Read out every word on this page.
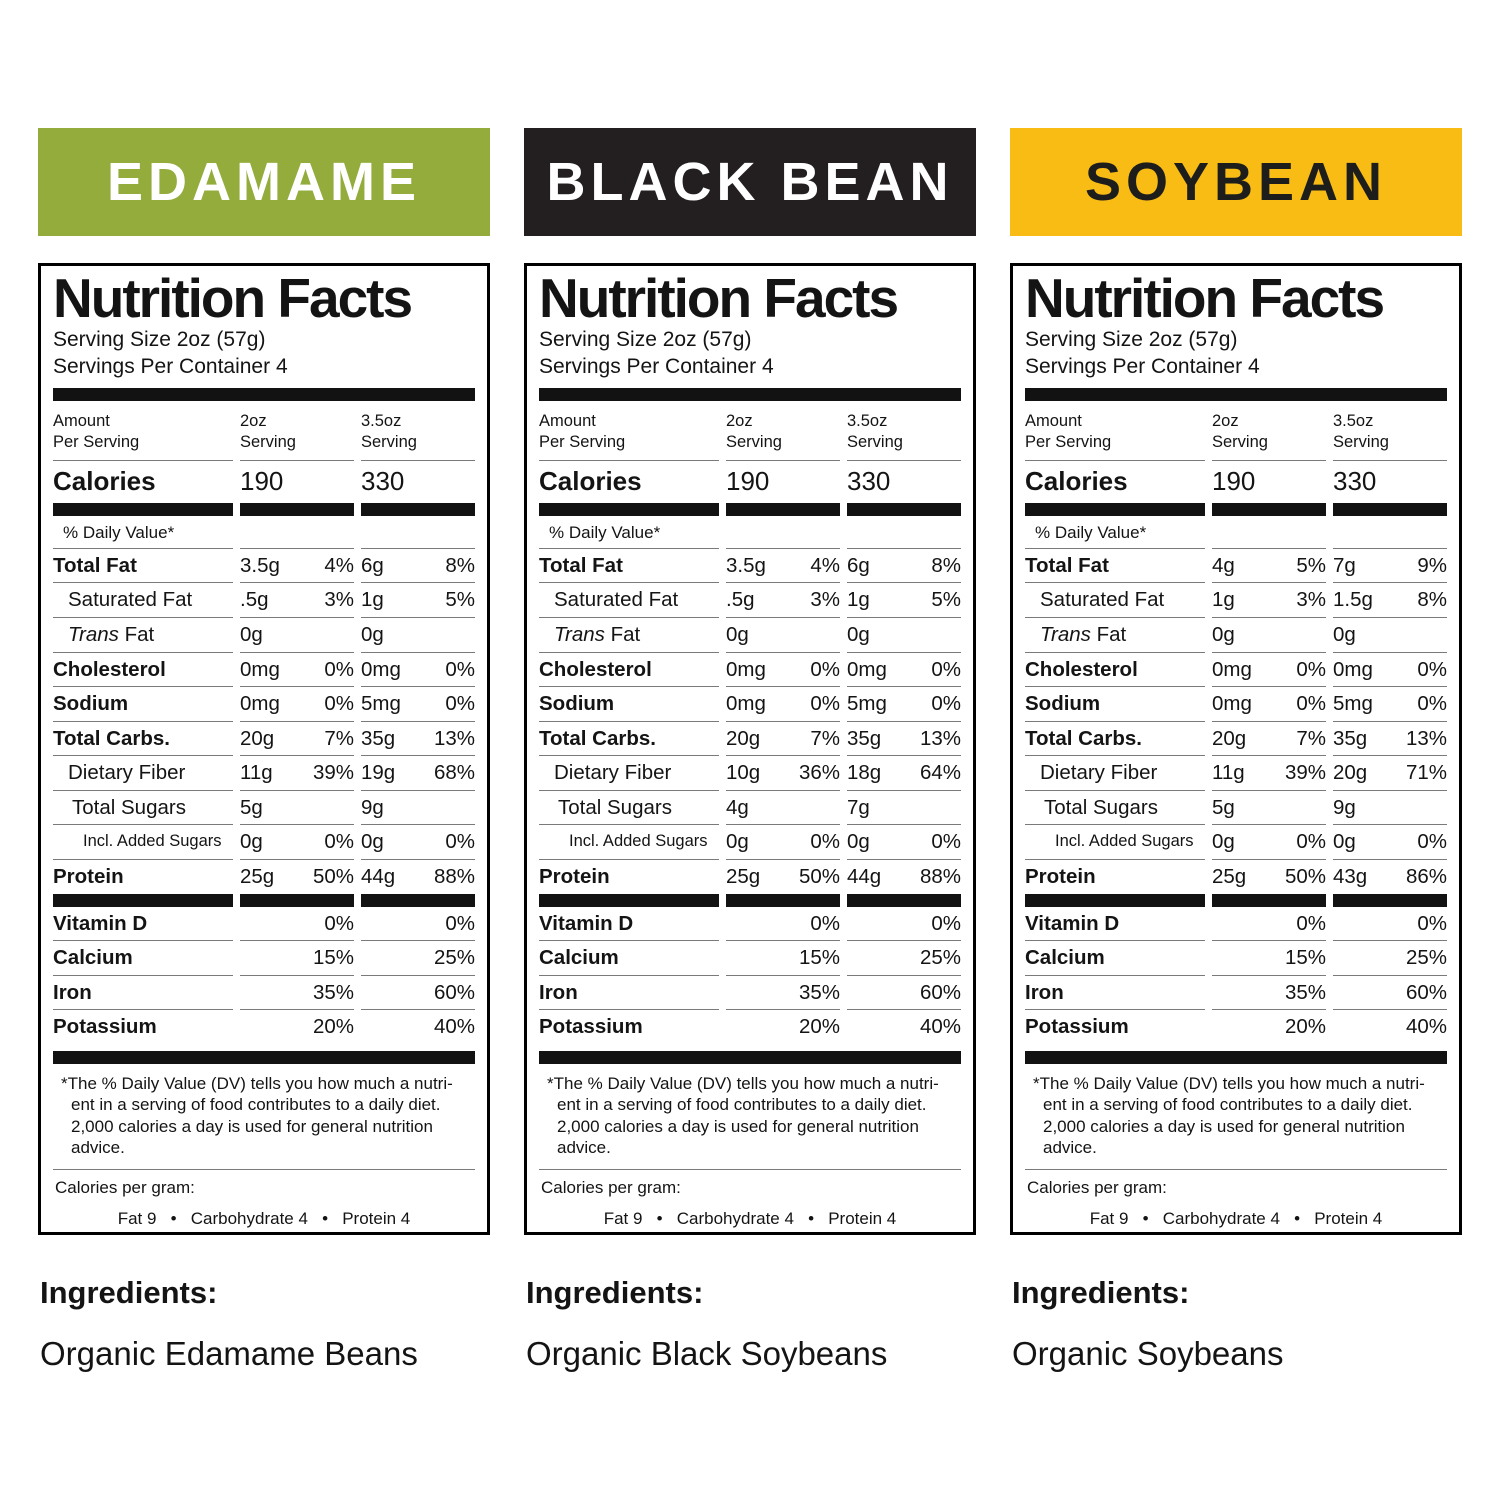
EDAMAME
Nutrition Facts
Serving Size 2oz (57g)
Servings Per Container 4
Amount
Per Serving
2oz
Serving
3.5oz
Serving
Calories	190	330
% Daily Value*
Total Fat	3.5g 4% 6g	8%
Saturated Fat	.5g	3% 1g	5%
Trans Fat	0g	0g
Cholesterol	0mg 0% 0mg 0%
Sodium	0mg 0% 5mg 0%
Total Carbs.	20g 7% 35g 13%
Dietary Fiber	11g 39% 19g 68%
Total Sugars	5g	9g
Incl. Added Sugars 0g	0% 0g	0%
Protein	25g 50% 44g 88%
Vitamin D	0%	0%
Calcium	15%	25%
Iron	35%	60%
Potassium	20%	40%
*The % Daily Value (DV) tells you how much a nutri-
ent in a serving of food contributes to a daily diet.
2,000 calories a day is used for general nutrition
advice.
Calories per gram:
Fat 9   •   Carbohydrate 4   •   Protein 4
Ingredients:
Organic Edamame Beans
BLACK BEAN
Nutrition Facts
Serving Size 2oz (57g)
Servings Per Container 4
Amount
Per Serving
2oz
Serving
3.5oz
Serving
Calories	190	330
% Daily Value*
Total Fat	3.5g 4% 6g	8%
Saturated Fat	.5g	3% 1g	5%
Trans Fat	0g	0g
Cholesterol	0mg 0% 0mg 0%
Sodium	0mg 0% 5mg 0%
Total Carbs.	20g 7% 35g 13%
Dietary Fiber	10g 36% 18g 64%
Total Sugars	4g	7g
Incl. Added Sugars 0g	0% 0g	0%
Protein	25g 50% 44g 88%
Vitamin D	0%	0%
Calcium	15%	25%
Iron	35%	60%
Potassium	20%	40%
*The % Daily Value (DV) tells you how much a nutri-
ent in a serving of food contributes to a daily diet.
2,000 calories a day is used for general nutrition
advice.
Calories per gram:
Fat 9   •   Carbohydrate 4   •   Protein 4
Ingredients:
Organic Black Soybeans
SOYBEAN
Nutrition Facts
Serving Size 2oz (57g)
Servings Per Container 4
Amount
Per Serving
2oz
Serving
3.5oz
Serving
Calories	190	330
% Daily Value*
Total Fat	4g	5% 7g	9%
Saturated Fat	1g	3% 1.5g 8%
Trans Fat	0g	0g
Cholesterol	0mg 0% 0mg 0%
Sodium	0mg 0% 5mg 0%
Total Carbs.	20g 7% 35g 13%
Dietary Fiber	11g 39% 20g 71%
Total Sugars	5g	9g
Incl. Added Sugars 0g	0% 0g	0%
Protein	25g 50% 43g 86%
Vitamin D	0%	0%
Calcium	15%	25%
Iron	35%	60%
Potassium	20%	40%
*The % Daily Value (DV) tells you how much a nutri-
ent in a serving of food contributes to a daily diet.
2,000 calories a day is used for general nutrition
advice.
Calories per gram:
Fat 9   •   Carbohydrate 4   •   Protein 4
Ingredients:
Organic Soybeans
